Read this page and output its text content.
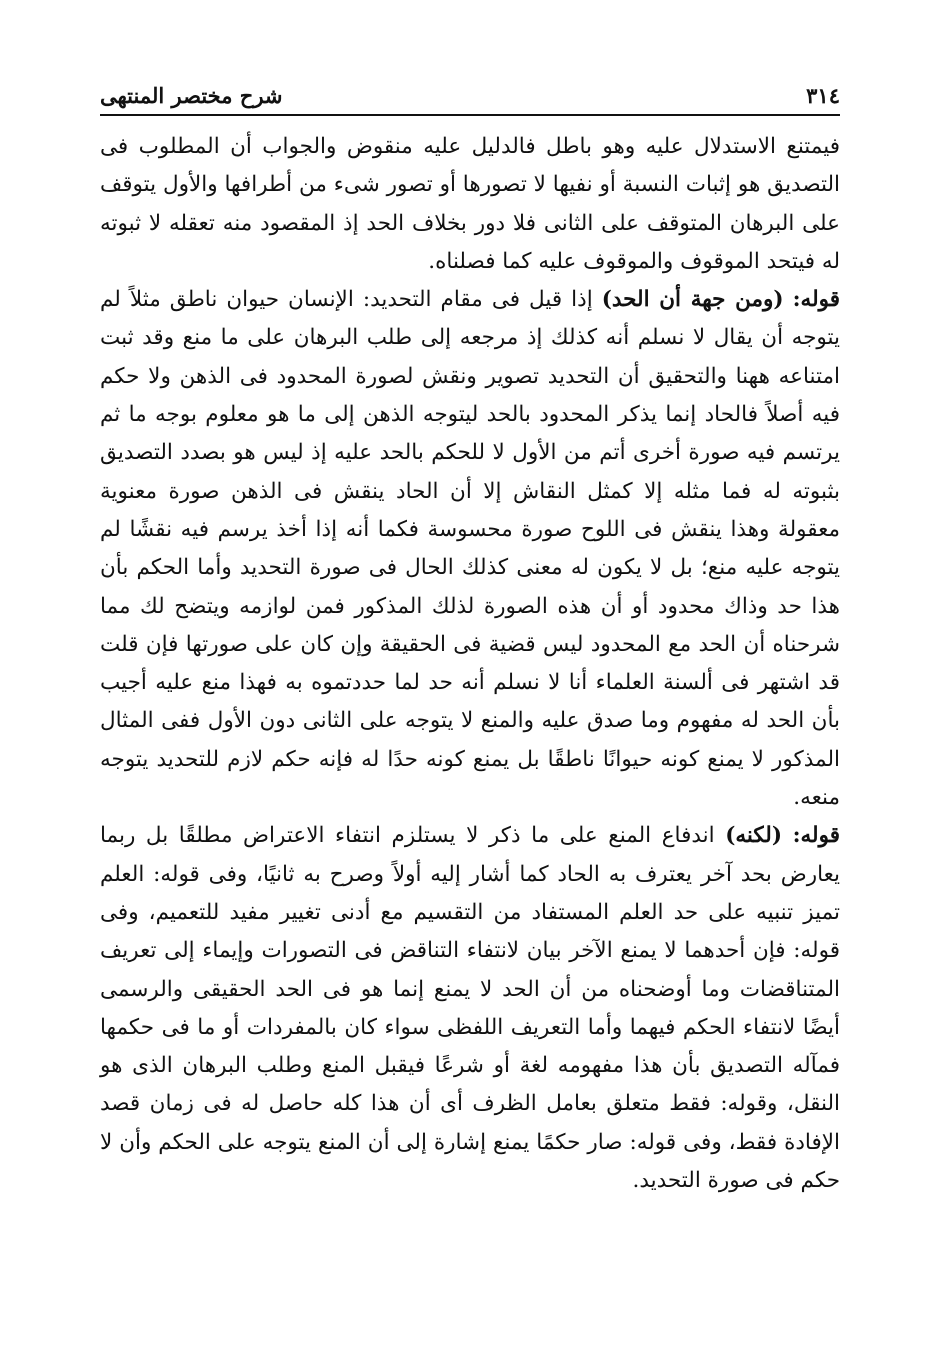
٣١٤
شرح مختصر المنتهى

فيمتنع الاستدلال عليه وهو باطل فالدليل عليه منقوض والجواب أن المطلوب فى التصديق هو إثبات النسبة أو نفيها لا تصورها أو تصور شىء من أطرافها والأول يتوقف على البرهان المتوقف على الثانى فلا دور بخلاف الحد إذ المقصود منه تعقله لا ثبوته له فيتحد الموقوف والموقوف عليه كما فصلناه.

قوله: (ومن جهة أن الحد) إذا قيل فى مقام التحديد: الإنسان حيوان ناطق مثلاً لم يتوجه أن يقال لا نسلم أنه كذلك إذ مرجعه إلى طلب البرهان على ما منع وقد ثبت امتناعه ههنا والتحقيق أن التحديد تصوير ونقش لصورة المحدود فى الذهن ولا حكم فيه أصلاً فالحاد إنما يذكر المحدود بالحد ليتوجه الذهن إلى ما هو معلوم بوجه ما ثم يرتسم فيه صورة أخرى أتم من الأول لا للحكم بالحد عليه إذ ليس هو بصدد التصديق بثبوته له فما مثله إلا كمثل النقاش إلا أن الحاد ينقش فى الذهن صورة معنوية معقولة وهذا ينقش فى اللوح صورة محسوسة فكما أنه إذا أخذ يرسم فيه نقشًا لم يتوجه عليه منع؛ بل لا يكون له معنى كذلك الحال فى صورة التحديد وأما الحكم بأن هذا حد وذاك محدود أو أن هذه الصورة لذلك المذكور فمن لوازمه ويتضح لك مما شرحناه أن الحد مع المحدود ليس قضية فى الحقيقة وإن كان على صورتها فإن قلت قد اشتهر فى ألسنة العلماء أنا لا نسلم أنه حد لما حددتموه به فهذا منع عليه أجيب بأن الحد له مفهوم وما صدق عليه والمنع لا يتوجه على الثانى دون الأول ففى المثال المذكور لا يمنع كونه حيوانًا ناطقًا بل يمنع كونه حدًا له فإنه حكم لازم للتحديد يتوجه منعه.

قوله: (لكنه) اندفاع المنع على ما ذكر لا يستلزم انتفاء الاعتراض مطلقًا بل ربما يعارض بحد آخر يعترف به الحاد كما أشار إليه أولاً وصرح به ثانيًا، وفى قوله: العلم تميز تنبيه على حد العلم المستفاد من التقسيم مع أدنى تغيير مفيد للتعميم، وفى قوله: فإن أحدهما لا يمنع الآخر بيان لانتفاء التناقض فى التصورات وإيماء إلى تعريف المتناقضات وما أوضحناه من أن الحد لا يمنع إنما هو فى الحد الحقيقى والرسمى أيضًا لانتفاء الحكم فيهما وأما التعريف اللفظى سواء كان بالمفردات أو ما فى حكمها فمآله التصديق بأن هذا مفهومه لغة أو شرعًا فيقبل المنع وطلب البرهان الذى هو النقل، وقوله: فقط متعلق بعامل الظرف أى أن هذا كله حاصل له فى زمان قصد الإفادة فقط، وفى قوله: صار حكمًا يمنع إشارة إلى أن المنع يتوجه على الحكم وأن لا حكم فى صورة التحديد.
